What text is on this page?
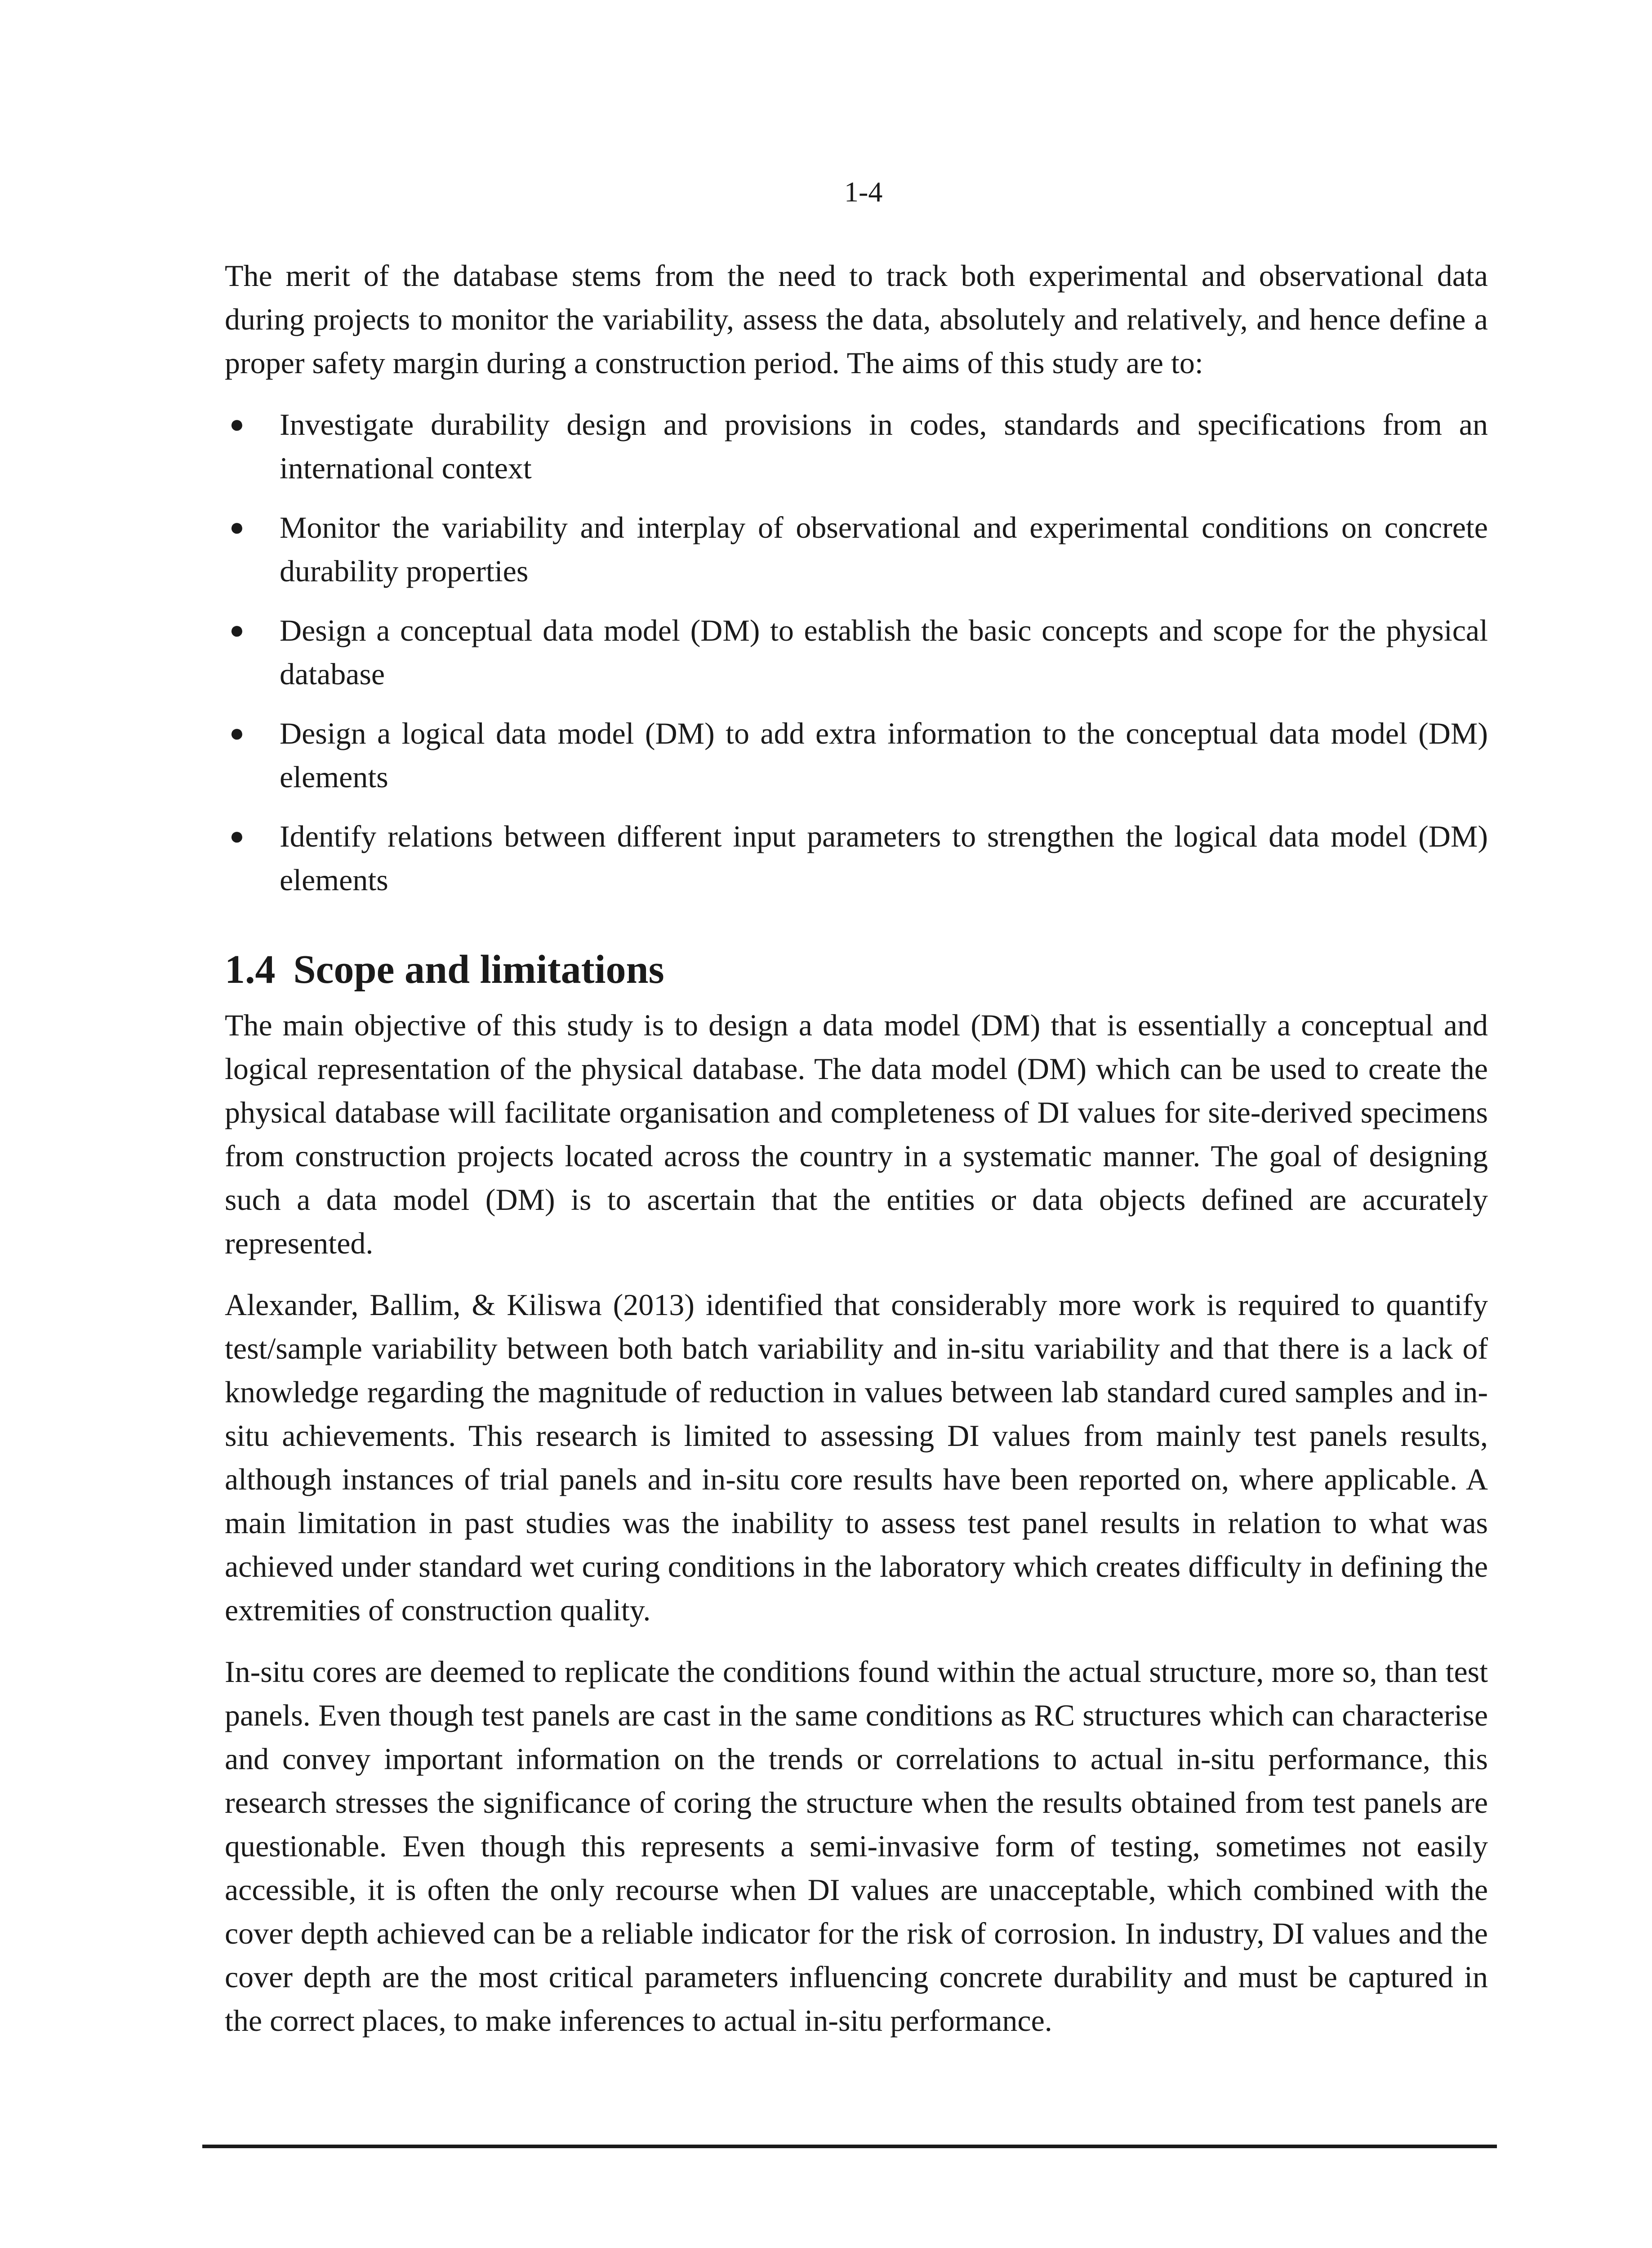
1-4

The merit of the database stems from the need to track both experimental and observational data during projects to monitor the variability, assess the data, absolutely and relatively, and hence define a proper safety margin during a construction period. The aims of this study are to:

● Investigate durability design and provisions in codes, standards and specifications from an international context
● Monitor the variability and interplay of observational and experimental conditions on concrete durability properties
● Design a conceptual data model (DM) to establish the basic concepts and scope for the physical database
● Design a logical data model (DM) to add extra information to the conceptual data model (DM) elements
● Identify relations between different input parameters to strengthen the logical data model (DM) elements
1.4 Scope and limitations

The main objective of this study is to design a data model (DM) that is essentially a conceptual and logical representation of the physical database. The data model (DM) which can be used to create the physical database will facilitate organisation and completeness of DI values for site-derived specimens from construction projects located across the country in a systematic manner. The goal of designing such a data model (DM) is to ascertain that the entities or data objects defined are accurately represented.

Alexander, Ballim, & Kiliswa (2013) identified that considerably more work is required to quantify test/sample variability between both batch variability and in-situ variability and that there is a lack of knowledge regarding the magnitude of reduction in values between lab standard cured samples and in-situ achievements. This research is limited to assessing DI values from mainly test panels results, although instances of trial panels and in-situ core results have been reported on, where applicable. A main limitation in past studies was the inability to assess test panel results in relation to what was achieved under standard wet curing conditions in the laboratory which creates difficulty in defining the extremities of construction quality.

In-situ cores are deemed to replicate the conditions found within the actual structure, more so, than test panels. Even though test panels are cast in the same conditions as RC structures which can characterise and convey important information on the trends or correlations to actual in-situ performance, this research stresses the significance of coring the structure when the results obtained from test panels are questionable. Even though this represents a semi-invasive form of testing, sometimes not easily accessible, it is often the only recourse when DI values are unacceptable, which combined with the cover depth achieved can be a reliable indicator for the risk of corrosion. In industry, DI values and the cover depth are the most critical parameters influencing concrete durability and must be captured in the correct places, to make inferences to actual in-situ performance.
